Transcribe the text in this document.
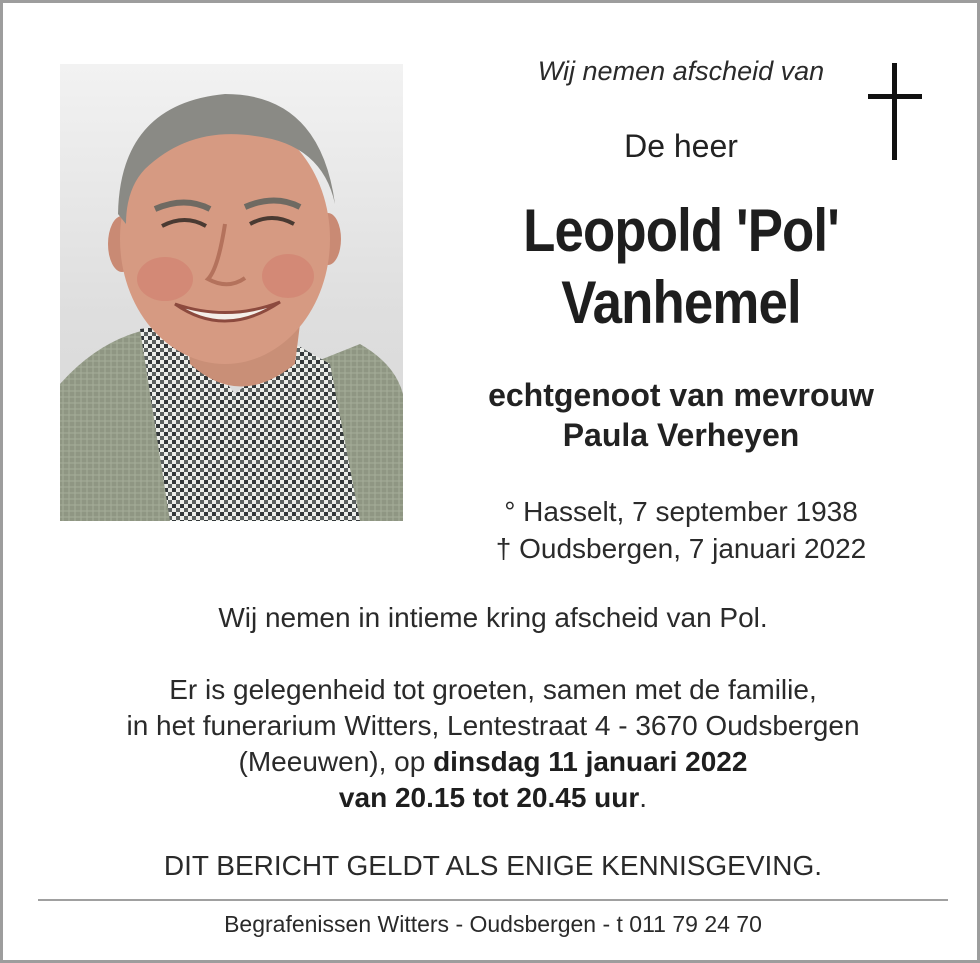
Wij nemen afscheid van
De heer
Leopold 'Pol'
Vanhemel
echtgenoot van mevrouw
Paula Verheyen
° Hasselt, 7 september 1938
† Oudsbergen, 7 januari 2022
Wij nemen in intieme kring afscheid van Pol.
Er is gelegenheid tot groeten, samen met de familie,
in het funerarium Witters, Lentestraat 4 - 3670 Oudsbergen
(Meeuwen), op dinsdag 11 januari 2022
van 20.15 tot 20.45 uur.
DIT BERICHT GELDT ALS ENIGE KENNISGEVING.
Begrafenissen Witters - Oudsbergen - t 011 79 24 70
